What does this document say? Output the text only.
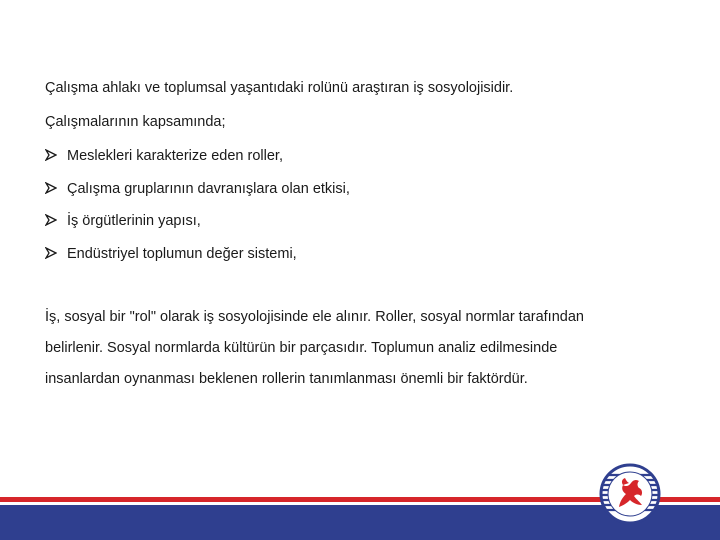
Çalışma ahlakı ve toplumsal yaşantıdaki rolünü araştıran iş sosyolojisidir.
Çalışmalarının kapsamında;
Meslekleri karakterize eden roller,
Çalışma gruplarının davranışlara olan etkisi,
İş örgütlerinin yapısı,
Endüstriyel toplumun değer sistemi,
İş, sosyal bir "rol" olarak iş sosyolojisinde ele alınır. Roller, sosyal normlar tarafından
belirlenir. Sosyal normlarda kültürün bir parçasıdır. Toplumun analiz edilmesinde
insanlardan oynanması beklenen rollerin tanımlanması önemli bir faktördür.
